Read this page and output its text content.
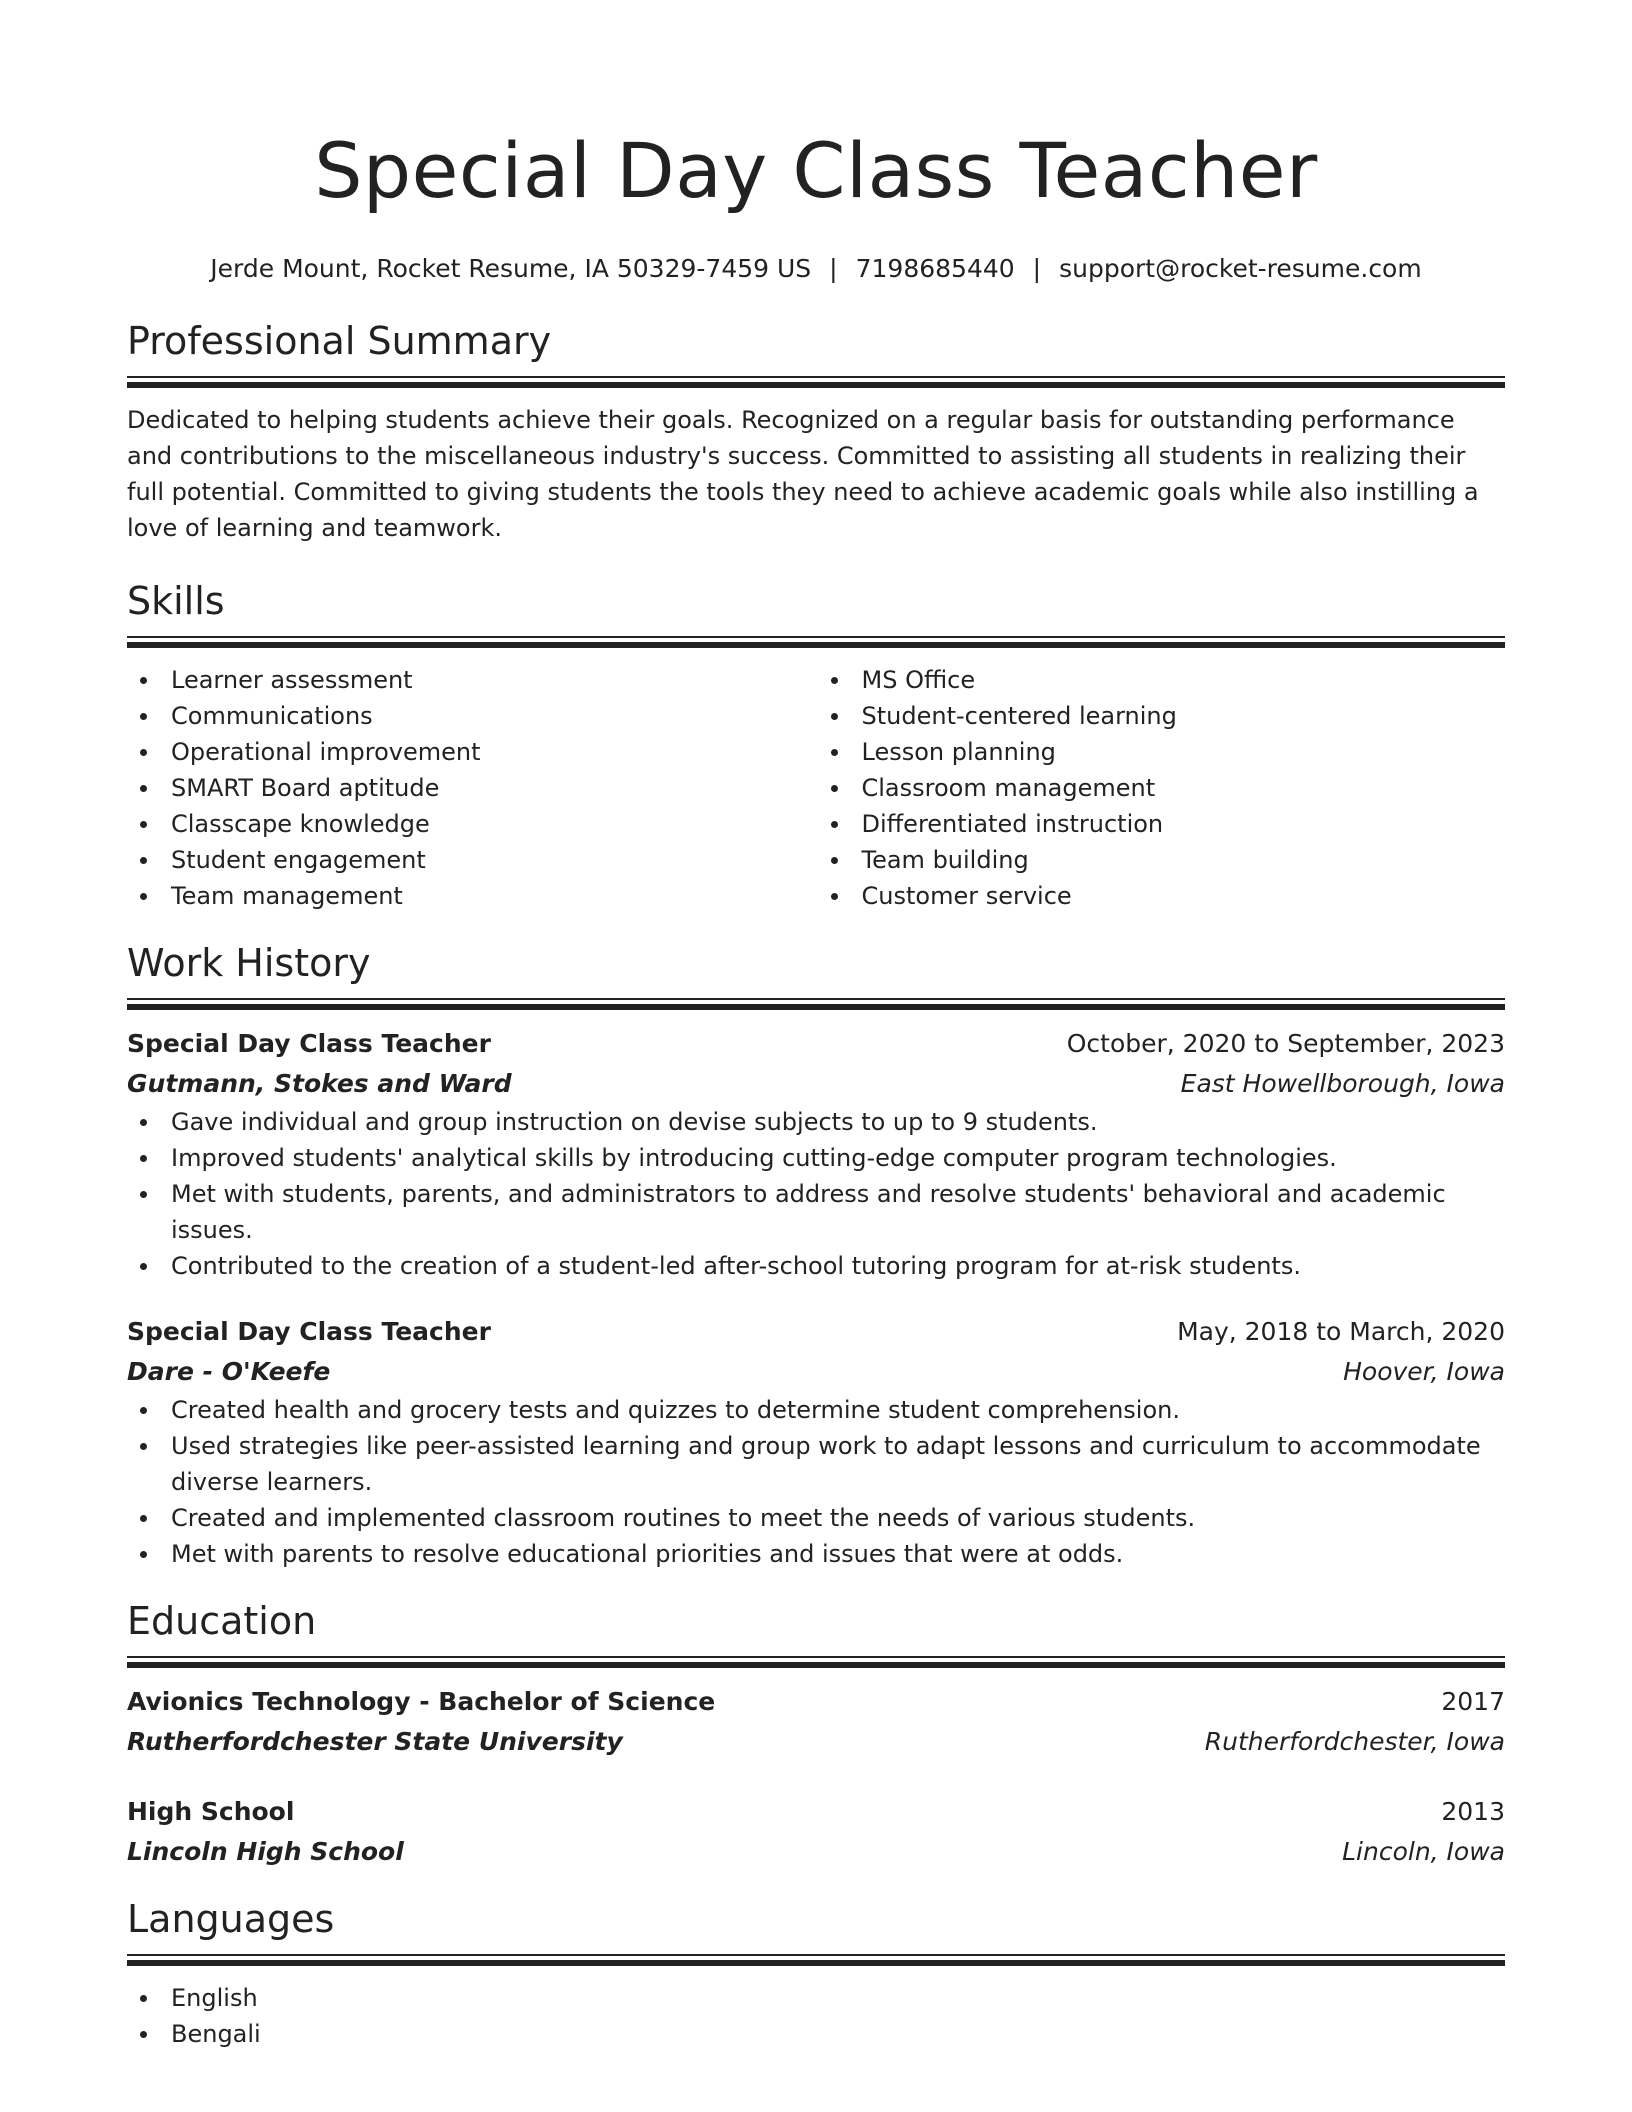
Special Day Class Teacher
Jerde Mount, Rocket Resume, IA 50329-7459 US | 7198685440 | support@rocket-resume.com
Professional Summary

Dedicated to helping students achieve their goals. Recognized on a regular basis for outstanding performance and contributions to the miscellaneous industry's success. Committed to assisting all students in realizing their full potential. Committed to giving students the tools they need to achieve academic goals while also instilling a love of learning and teamwork.

Skills
Learner assessment
Communications
Operational improvement
SMART Board aptitude
Classcape knowledge
Student engagement
Team management
MS Office
Student-centered learning
Lesson planning
Classroom management
Differentiated instruction
Team building
Customer service
Work History
Special Day Class Teacher	October, 2020 to September, 2023
Gutmann, Stokes and Ward	East Howellborough, Iowa
Gave individual and group instruction on devise subjects to up to 9 students.
Improved students' analytical skills by introducing cutting-edge computer program technologies.
Met with students, parents, and administrators to address and resolve students' behavioral and academic issues.
Contributed to the creation of a student-led after-school tutoring program for at-risk students.
Special Day Class Teacher	May, 2018 to March, 2020
Dare - O'Keefe	Hoover, Iowa
Created health and grocery tests and quizzes to determine student comprehension.
Used strategies like peer-assisted learning and group work to adapt lessons and curriculum to accommodate diverse learners.
Created and implemented classroom routines to meet the needs of various students.
Met with parents to resolve educational priorities and issues that were at odds.
Education
Avionics Technology - Bachelor of Science	2017
Rutherfordchester State University	Rutherfordchester, Iowa
High School	2013
Lincoln High School	Lincoln, Iowa
Languages
English
Bengali
